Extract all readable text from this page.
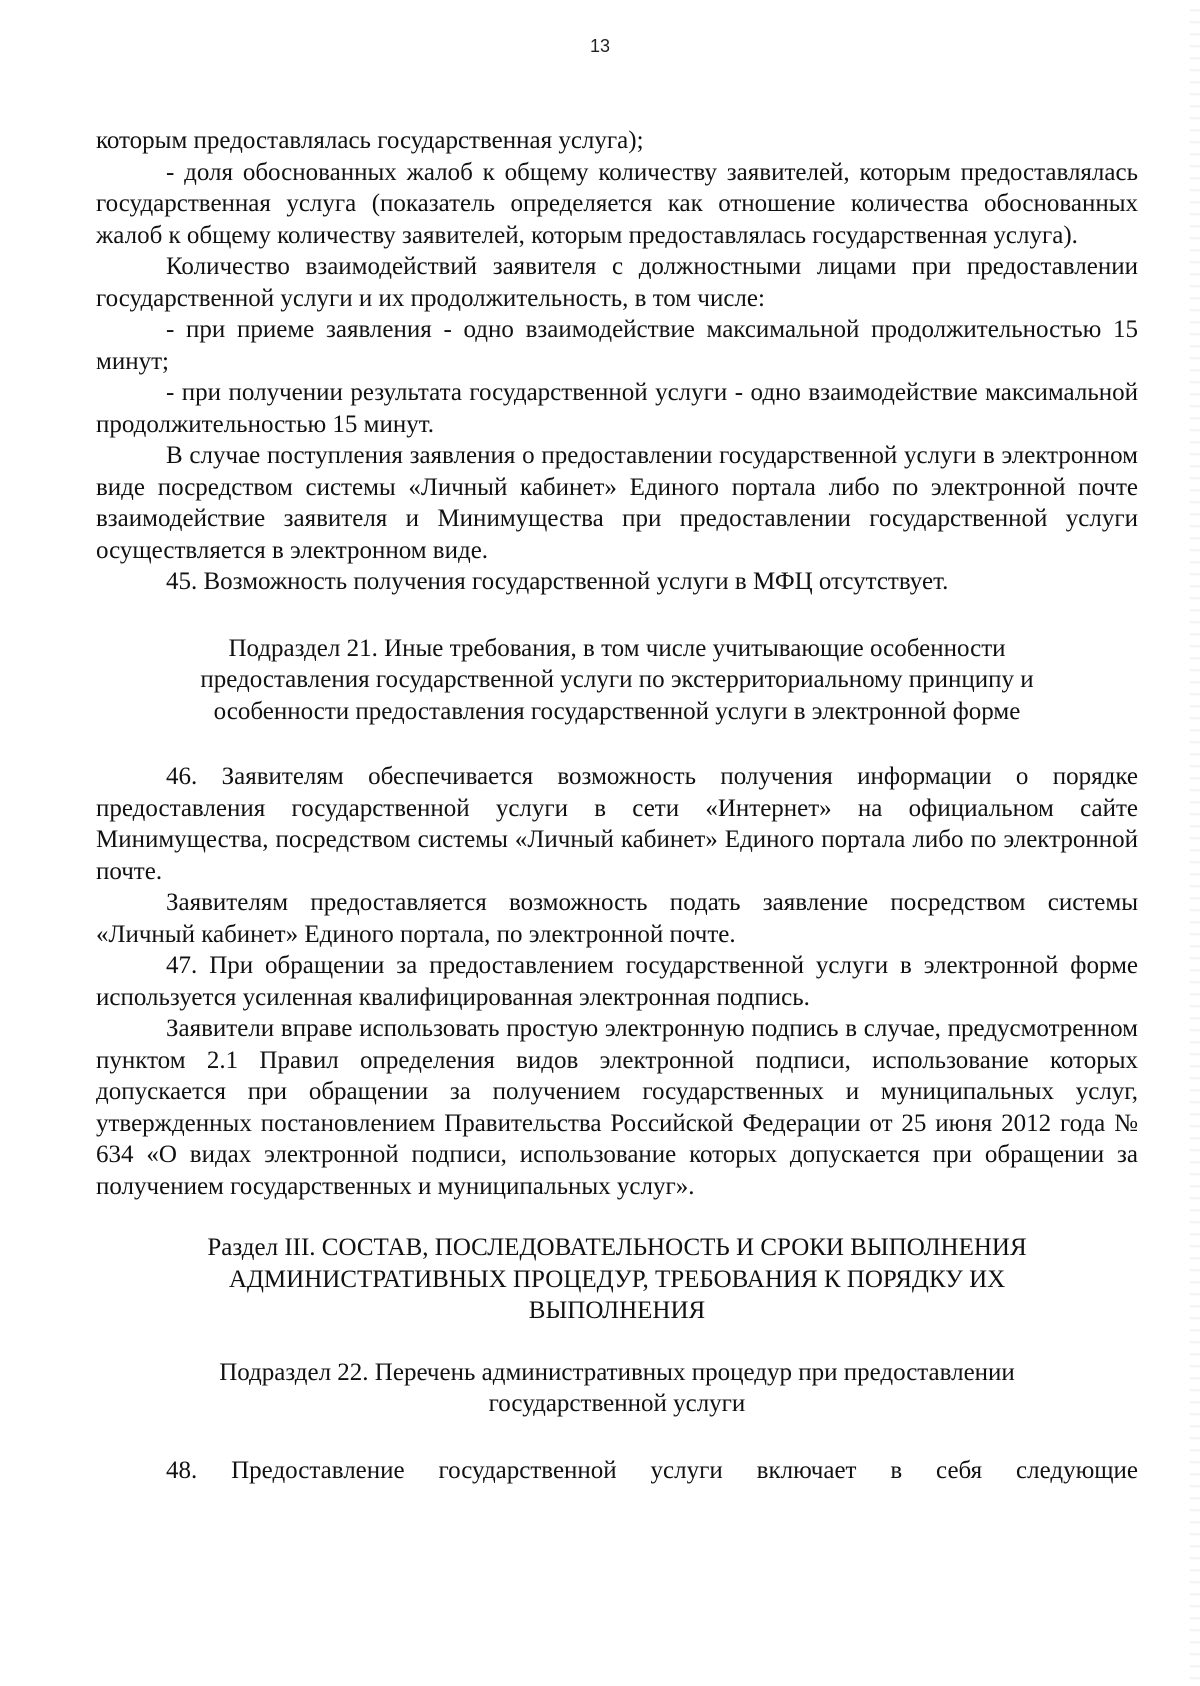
13

которым предоставлялась государственная услуга);

- доля обоснованных жалоб к общему количеству заявителей, которым предоставлялась государственная услуга (показатель определяется как отношение количества обоснованных жалоб к общему количеству заявителей, которым предоставлялась государственная услуга).

Количество взаимодействий заявителя с должностными лицами при предоставлении государственной услуги и их продолжительность, в том числе:

- при приеме заявления - одно взаимодействие максимальной продолжительностью 15 минут;

- при получении результата государственной услуги - одно взаимодействие максимальной продолжительностью 15 минут.

В случае поступления заявления о предоставлении государственной услуги в электронном виде посредством системы «Личный кабинет» Единого портала либо по электронной почте взаимодействие заявителя и Минимущества при предоставлении государственной услуги осуществляется в электронном виде.

45. Возможность получения государственной услуги в МФЦ отсутствует.

Подраздел 21. Иные требования, в том числе учитывающие особенности
предоставления государственной услуги по экстерриториальному принципу и
особенности предоставления государственной услуги в электронной форме

46. Заявителям обеспечивается возможность получения информации о порядке предоставления государственной услуги в сети «Интернет» на официальном сайте Минимущества, посредством системы «Личный кабинет» Единого портала либо по электронной почте.

Заявителям предоставляется возможность подать заявление посредством системы «Личный кабинет» Единого портала, по электронной почте.

47. При обращении за предоставлением государственной услуги в электронной форме используется усиленная квалифицированная электронная подпись.

Заявители вправе использовать простую электронную подпись в случае, предусмотренном пунктом 2.1 Правил определения видов электронной подписи, использование которых допускается при обращении за получением государственных и муниципальных услуг, утвержденных постановлением Правительства Российской Федерации от 25 июня 2012 года № 634 «О видах электронной подписи, использование которых допускается при обращении за получением государственных и муниципальных услуг».

Раздел III. СОСТАВ, ПОСЛЕДОВАТЕЛЬНОСТЬ И СРОКИ ВЫПОЛНЕНИЯ
АДМИНИСТРАТИВНЫХ ПРОЦЕДУР, ТРЕБОВАНИЯ К ПОРЯДКУ ИХ
ВЫПОЛНЕНИЯ
Подраздел 22. Перечень административных процедур при предоставлении
государственной услуги

48. Предоставление государственной услуги включает в себя следующие
